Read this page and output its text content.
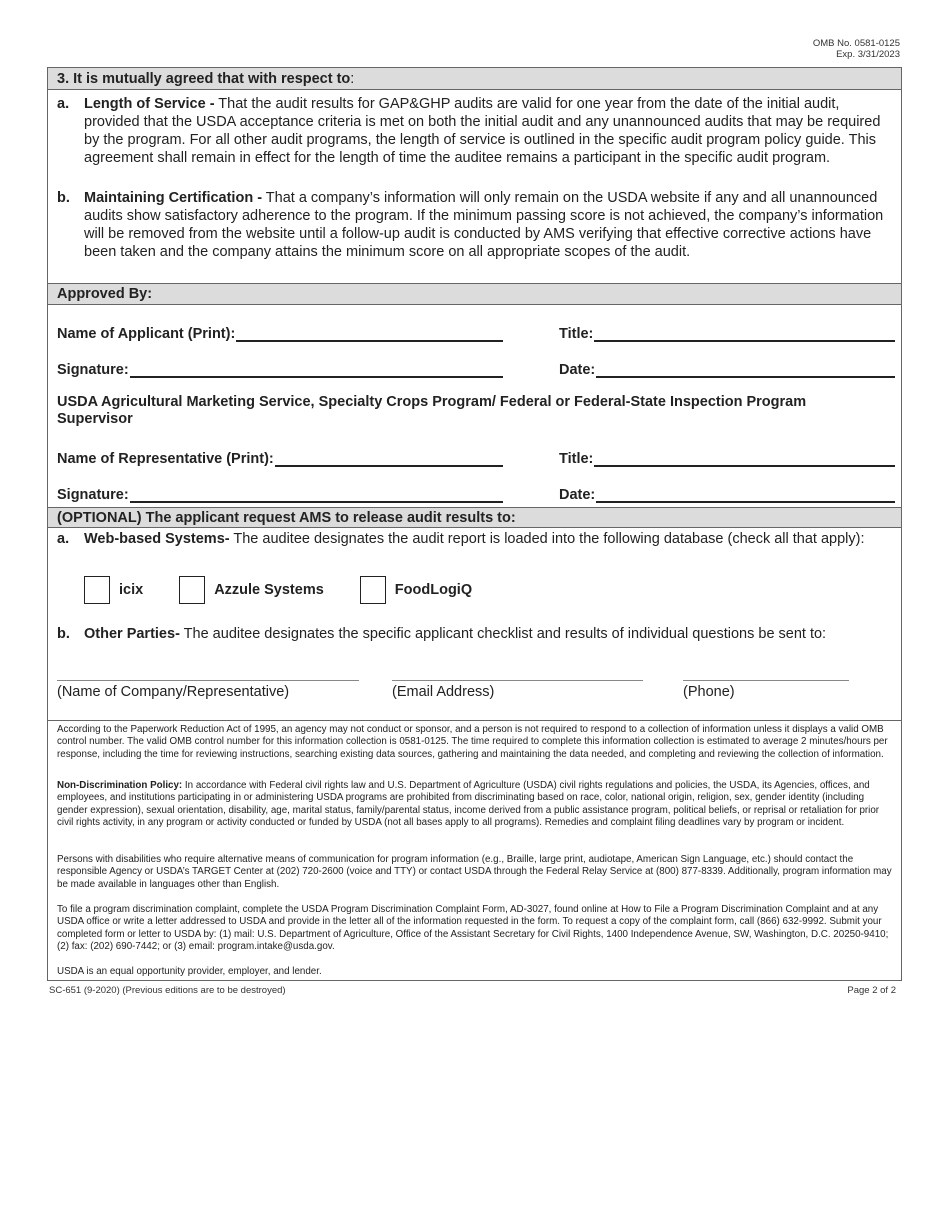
OMB No. 0581-0125
Exp. 3/31/2023
3. It is mutually agreed that with respect to :
a.	Length of Service - That the audit results for GAP&GHP audits are valid for one year from the date of the initial audit, provided that the USDA acceptance criteria is met on both the initial audit and any unannounced audits that may be required by the program. For all other audit programs, the length of service is outlined in the specific audit program policy guide. This agreement shall remain in effect for the length of time the auditee remains a participant in the specific audit program.
b. Maintaining Certification - That a company’s information will only remain on the USDA website if any and all unannounced audits show satisfactory adherence to the program. If the minimum passing score is not achieved, the company’s information will be removed from the website until a follow-up audit is conducted by AMS verifying that effective corrective actions have been taken and the company attains the minimum score on all appropriate scopes of the audit.
Approved By:
Name of Applicant (Print):	Title:
Signature:	Date:
USDA Agricultural Marketing Service, Specialty Crops Program/ Federal or Federal-State Inspection Program Supervisor
Name of Representative (Print):	Title:
Signature:	Date:
(OPTIONAL) The applicant request AMS to release audit results to:
a.	Web-based Systems- The auditee designates the audit report is loaded into the following database (check all that apply):
icix	Azzule Systems	FoodLogiQ
b. Other Parties- The auditee designates the specific applicant checklist and results of individual questions be sent to:
(Name of Company/Representative)	(Email Address)	(Phone)
According to the Paperwork Reduction Act of 1995, an agency may not conduct or sponsor, and a person is not required to respond to a collection of information unless it displays a valid OMB control number. The valid OMB control number for this information collection is 0581-0125. The time required to complete this information collection is estimated to average 2 minutes/hours per response, including the time for reviewing instructions, searching existing data sources, gathering and maintaining the data needed, and completing and reviewing the collection of information.
Non-Discrimination Policy: In accordance with Federal civil rights law and U.S. Department of Agriculture (USDA) civil rights regulations and policies, the USDA, its Agencies, offices, and employees, and institutions participating in or administering USDA programs are prohibited from discriminating based on race, color, national origin, religion, sex, gender identity (including gender expression), sexual orientation, disability, age, marital status, family/parental status, income derived from a public assistance program, political beliefs, or reprisal or retaliation for prior civil rights activity, in any program or activity conducted or funded by USDA (not all bases apply to all programs). Remedies and complaint filing deadlines vary by program or incident.
Persons with disabilities who require alternative means of communication for program information (e.g., Braille, large print, audiotape, American Sign Language, etc.) should contact the responsible Agency or USDA’s TARGET Center at (202) 720-2600 (voice and TTY) or contact USDA through the Federal Relay Service at (800) 877-8339. Additionally, program information may be made available in languages other than English.
To file a program discrimination complaint, complete the USDA Program Discrimination Complaint Form, AD-3027, found online at How to File a Program Discrimination Complaint and at any USDA office or write a letter addressed to USDA and provide in the letter all of the information requested in the form. To request a copy of the complaint form, call (866) 632-9992. Submit your completed form or letter to USDA by: (1) mail: U.S. Department of Agriculture, Office of the Assistant Secretary for Civil Rights, 1400 Independence Avenue, SW, Washington, D.C. 20250-9410; (2) fax: (202) 690-7442; or (3) email: program.intake@usda.gov.
USDA is an equal opportunity provider, employer, and lender.
SC-651 (9-2020) (Previous editions are to be destroyed)	Page 2 of 2
